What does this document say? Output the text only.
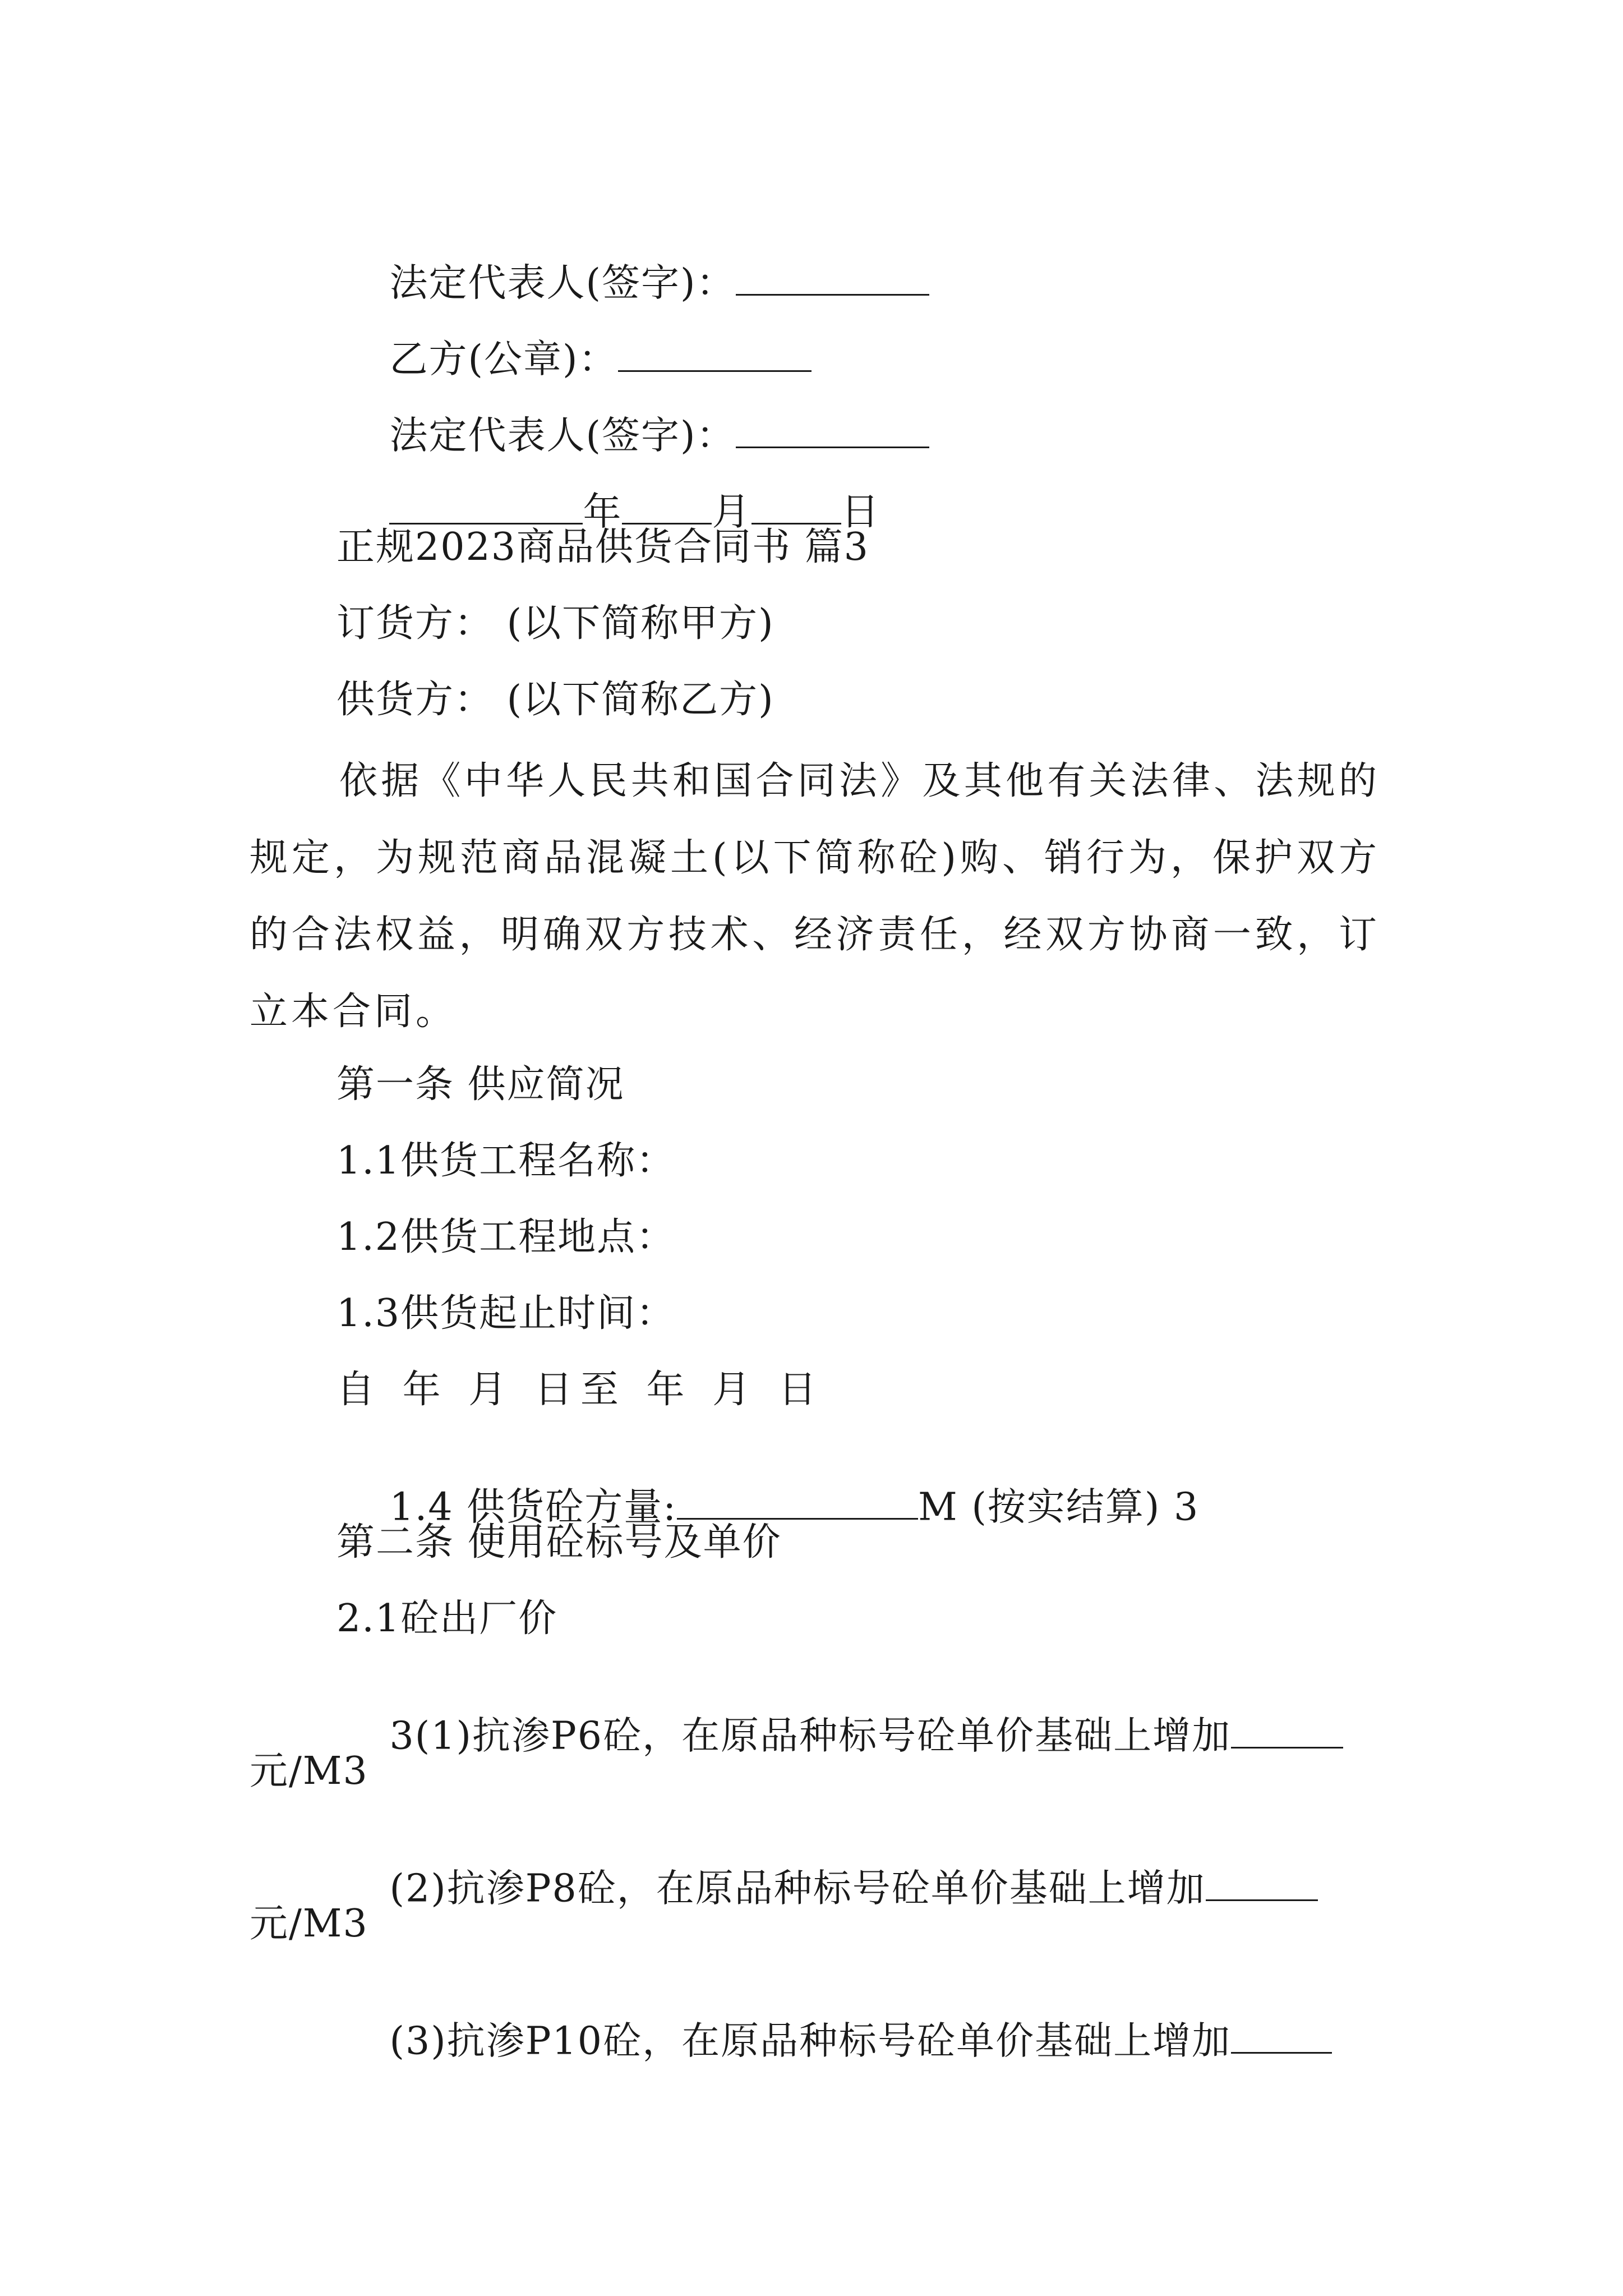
法定代表人(签字)：

乙方(公章)：

法定代表人(签字)：

年 月 日

正规2023商品供货合同书 篇3
订货方： (以下简称甲方)
供货方： (以下简称乙方)
依据《中华人民共和国合同法》及其他有关法律、法规的规定，为规范商品混凝土(以下简称砼)购、销行为，保护双方的合法权益，明确双方技术、经济责任，经双方协商一致，订立本合同。
第一条 供应简况
1.1供货工程名称：
1.2供货工程地点：
1.3供货起止时间：
自 年 月 日至 年 月 日

1.4 供货砼方量:	M (按实结算) 3

第二条 使用砼标号及单价
2.1砼出厂价

3(1)抗渗P6砼，在原品种标号砼单价基础上增加

元/M3

(2)抗渗P8砼，在原品种标号砼单价基础上增加

元/M3

(3)抗渗P10砼，在原品种标号砼单价基础上增加
